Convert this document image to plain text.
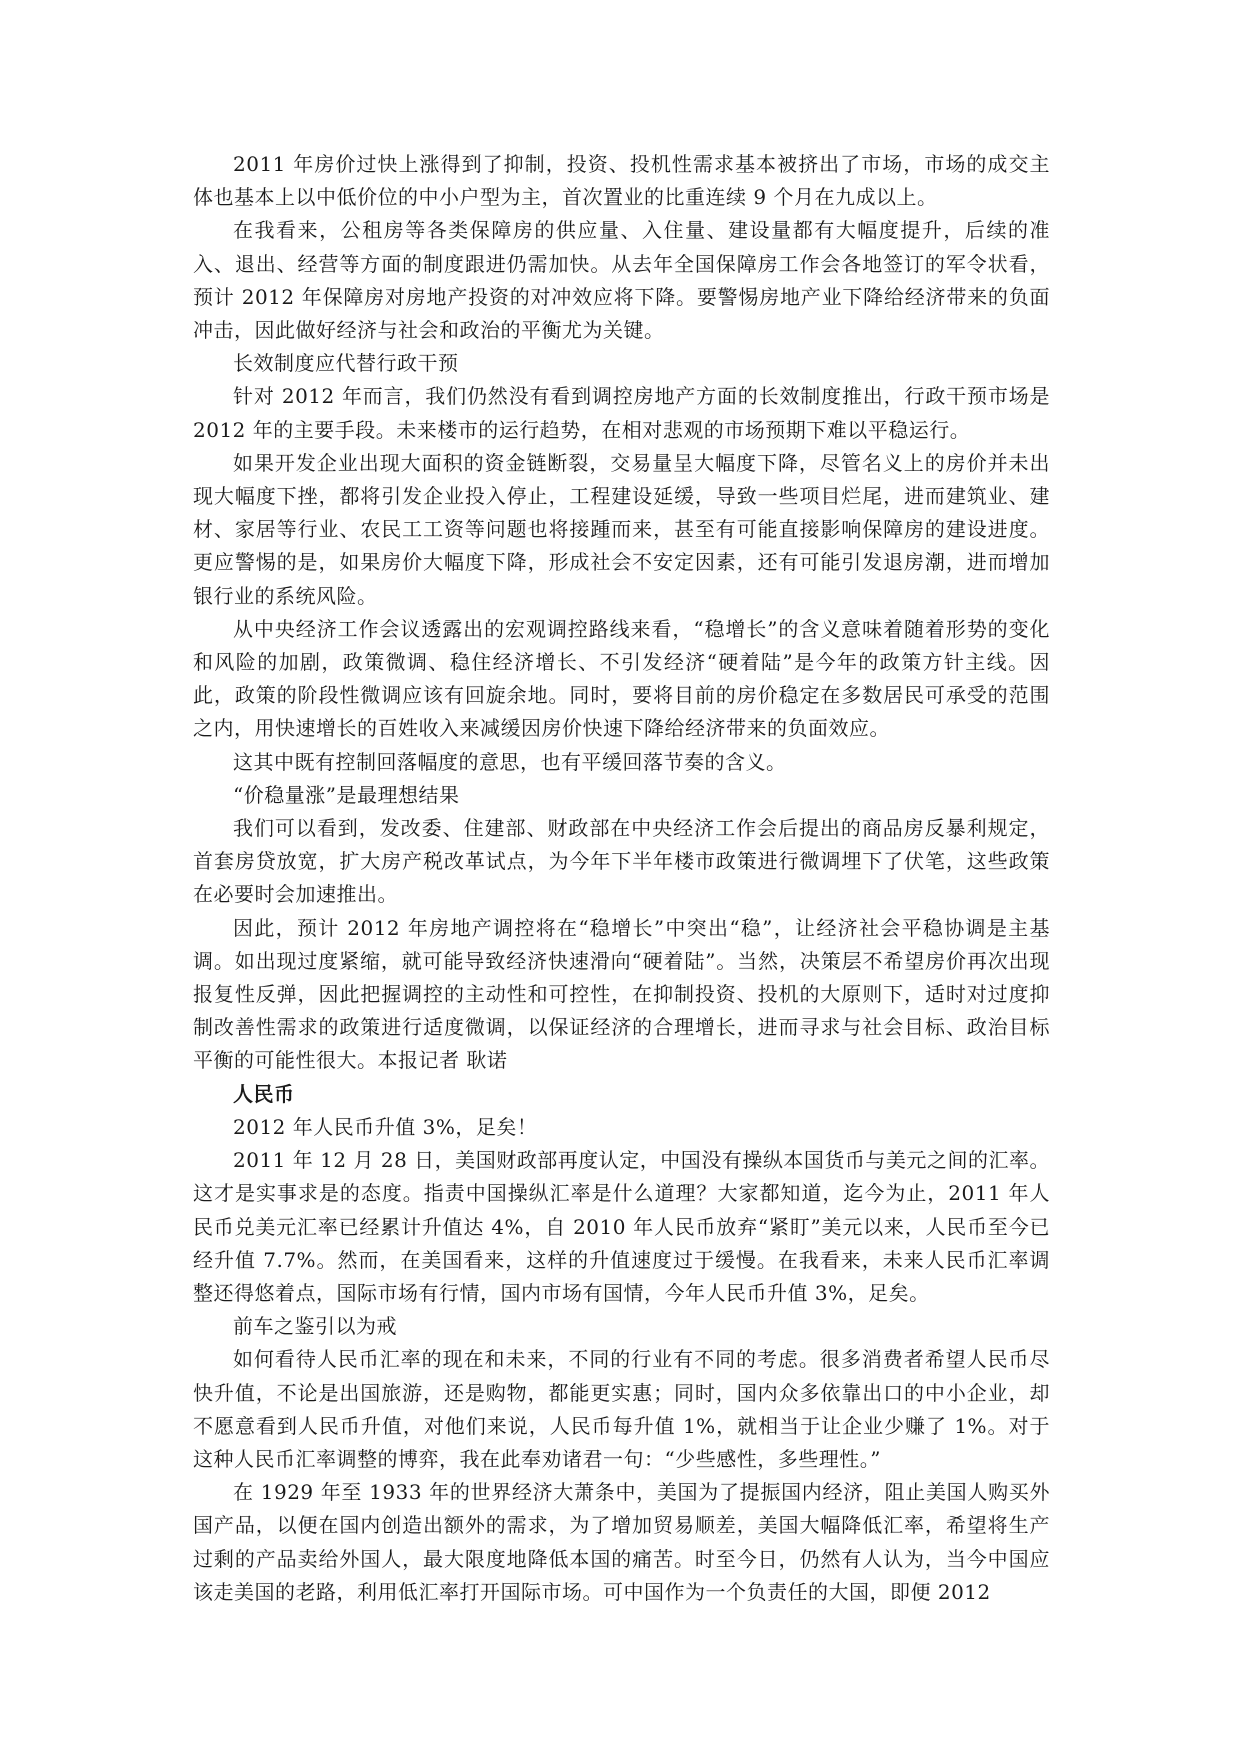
2011 年房价过快上涨得到了抑制，投资、投机性需求基本被挤出了市场，市场的成交主体也基本上以中低价位的中小户型为主，首次置业的比重连续 9 个月在九成以上。

在我看来，公租房等各类保障房的供应量、入住量、建设量都有大幅度提升，后续的准入、退出、经营等方面的制度跟进仍需加快。从去年全国保障房工作会各地签订的军令状看，预计 2012 年保障房对房地产投资的对冲效应将下降。要警惕房地产业下降给经济带来的负面冲击，因此做好经济与社会和政治的平衡尤为关键。

长效制度应代替行政干预

针对 2012 年而言，我们仍然没有看到调控房地产方面的长效制度推出，行政干预市场是 2012 年的主要手段。未来楼市的运行趋势，在相对悲观的市场预期下难以平稳运行。

如果开发企业出现大面积的资金链断裂，交易量呈大幅度下降，尽管名义上的房价并未出现大幅度下挫，都将引发企业投入停止，工程建设延缓，导致一些项目烂尾，进而建筑业、建材、家居等行业、农民工工资等问题也将接踵而来，甚至有可能直接影响保障房的建设进度。更应警惕的是，如果房价大幅度下降，形成社会不安定因素，还有可能引发退房潮，进而增加银行业的系统风险。

从中央经济工作会议透露出的宏观调控路线来看，“稳增长”的含义意味着随着形势的变化和风险的加剧，政策微调、稳住经济增长、不引发经济“硬着陆”是今年的政策方针主线。因此，政策的阶段性微调应该有回旋余地。同时，要将目前的房价稳定在多数居民可承受的范围之内，用快速增长的百姓收入来减缓因房价快速下降给经济带来的负面效应。

这其中既有控制回落幅度的意思，也有平缓回落节奏的含义。

“价稳量涨”是最理想结果

我们可以看到，发改委、住建部、财政部在中央经济工作会后提出的商品房反暴利规定，首套房贷放宽，扩大房产税改革试点，为今年下半年楼市政策进行微调埋下了伏笔，这些政策在必要时会加速推出。

因此，预计 2012 年房地产调控将在“稳增长”中突出“稳”，让经济社会平稳协调是主基调。如出现过度紧缩，就可能导致经济快速滑向“硬着陆”。当然，决策层不希望房价再次出现报复性反弹，因此把握调控的主动性和可控性，在抑制投资、投机的大原则下，适时对过度抑制改善性需求的政策进行适度微调，以保证经济的合理增长，进而寻求与社会目标、政治目标平衡的可能性很大。本报记者 耿诺

人民币

2012 年人民币升值 3%，足矣！

2011 年 12 月 28 日，美国财政部再度认定，中国没有操纵本国货币与美元之间的汇率。这才是实事求是的态度。指责中国操纵汇率是什么道理？大家都知道，迄今为止，2011 年人民币兑美元汇率已经累计升值达 4%，自 2010 年人民币放弃“紧盯”美元以来，人民币至今已经升值 7.7%。然而，在美国看来，这样的升值速度过于缓慢。在我看来，未来人民币汇率调整还得悠着点，国际市场有行情，国内市场有国情，今年人民币升值 3%，足矣。

前车之鉴引以为戒

如何看待人民币汇率的现在和未来，不同的行业有不同的考虑。很多消费者希望人民币尽快升值，不论是出国旅游，还是购物，都能更实惠；同时，国内众多依靠出口的中小企业，却不愿意看到人民币升值，对他们来说，人民币每升值 1%，就相当于让企业少赚了 1%。对于这种人民币汇率调整的博弈，我在此奉劝诸君一句：“少些感性，多些理性。”

在 1929 年至 1933 年的世界经济大萧条中，美国为了提振国内经济，阻止美国人购买外国产品，以便在国内创造出额外的需求，为了增加贸易顺差，美国大幅降低汇率，希望将生产过剩的产品卖给外国人，最大限度地降低本国的痛苦。时至今日，仍然有人认为，当今中国应该走美国的老路，利用低汇率打开国际市场。可中国作为一个负责任的大国，即便 2012
